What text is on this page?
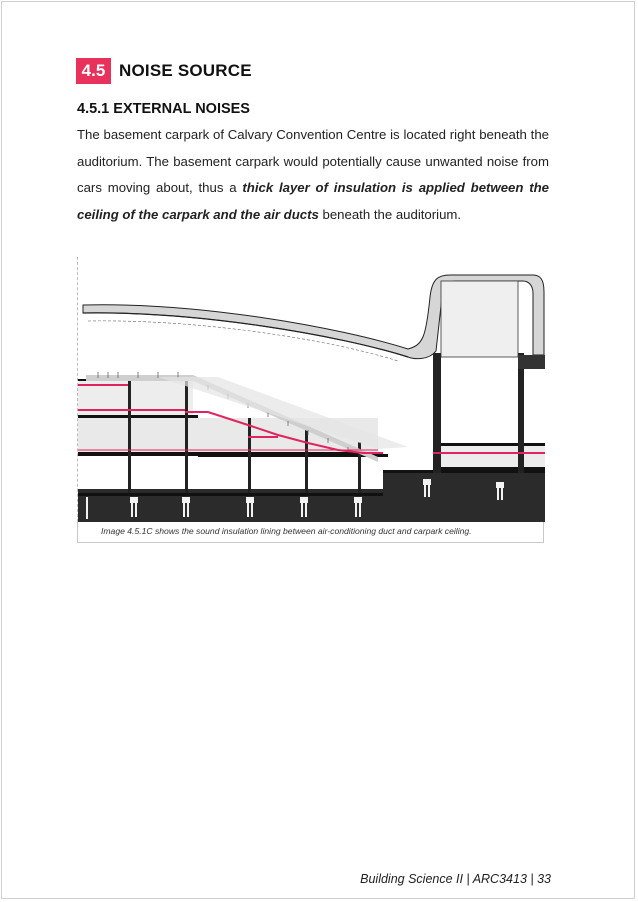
4.5 NOISE SOURCE
4.5.1 EXTERNAL NOISES
The basement carpark of Calvary Convention Centre is located right beneath the auditorium. The basement carpark would potentially cause unwanted noise from cars moving about, thus a thick layer of insulation is applied between the ceiling of the carpark and the air ducts beneath the auditorium.
Image 4.5.1C shows the sound insulation lining between air-conditioning duct and carpark ceiling.
Building Science II | ARC3413 | 33
